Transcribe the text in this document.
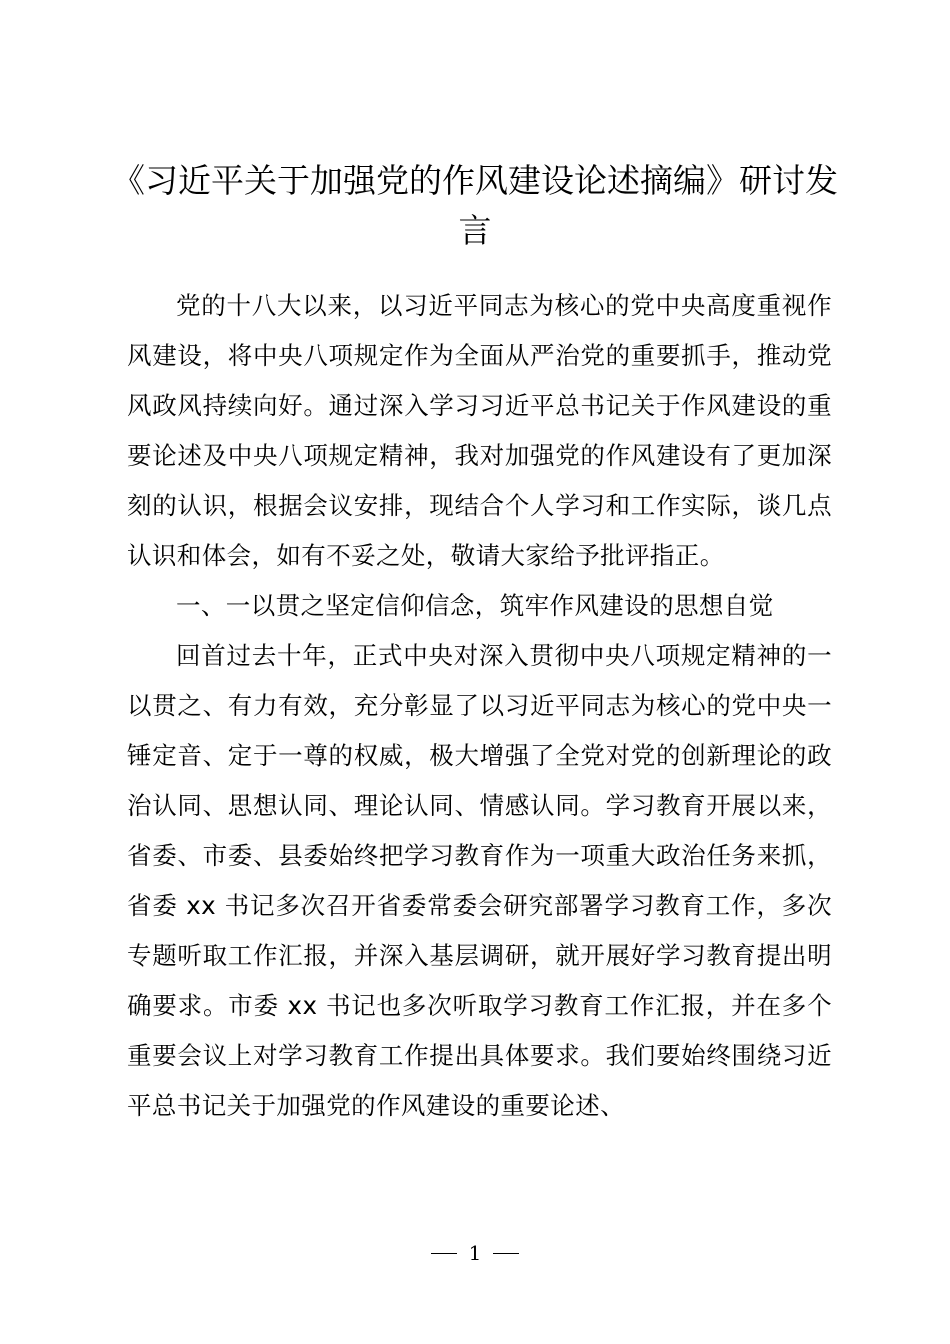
《习近平关于加强党的作风建设论述摘编》研讨发言

党的十八大以来，以习近平同志为核心的党中央高度重视作风建设，将中央八项规定作为全面从严治党的重要抓手，推动党风政风持续向好。通过深入学习习近平总书记关于作风建设的重要论述及中央八项规定精神，我对加强党的作风建设有了更加深刻的认识，根据会议安排，现结合个人学习和工作实际，谈几点认识和体会，如有不妥之处，敬请大家给予批评指正。

一、一以贯之坚定信仰信念，筑牢作风建设的思想自觉

回首过去十年，正式中央对深入贯彻中央八项规定精神的一以贯之、有力有效，充分彰显了以习近平同志为核心的党中央一锤定音、定于一尊的权威，极大增强了全党对党的创新理论的政治认同、思想认同、理论认同、情感认同。学习教育开展以来，省委、市委、县委始终把学习教育作为一项重大政治任务来抓，省委 xx 书记多次召开省委常委会研究部署学习教育工作，多次专题听取工作汇报，并深入基层调研，就开展好学习教育提出明确要求。市委 xx 书记也多次听取学习教育工作汇报，并在多个重要会议上对学习教育工作提出具体要求。我们要始终围绕习近平总书记关于加强党的作风建设的重要论述、

1
